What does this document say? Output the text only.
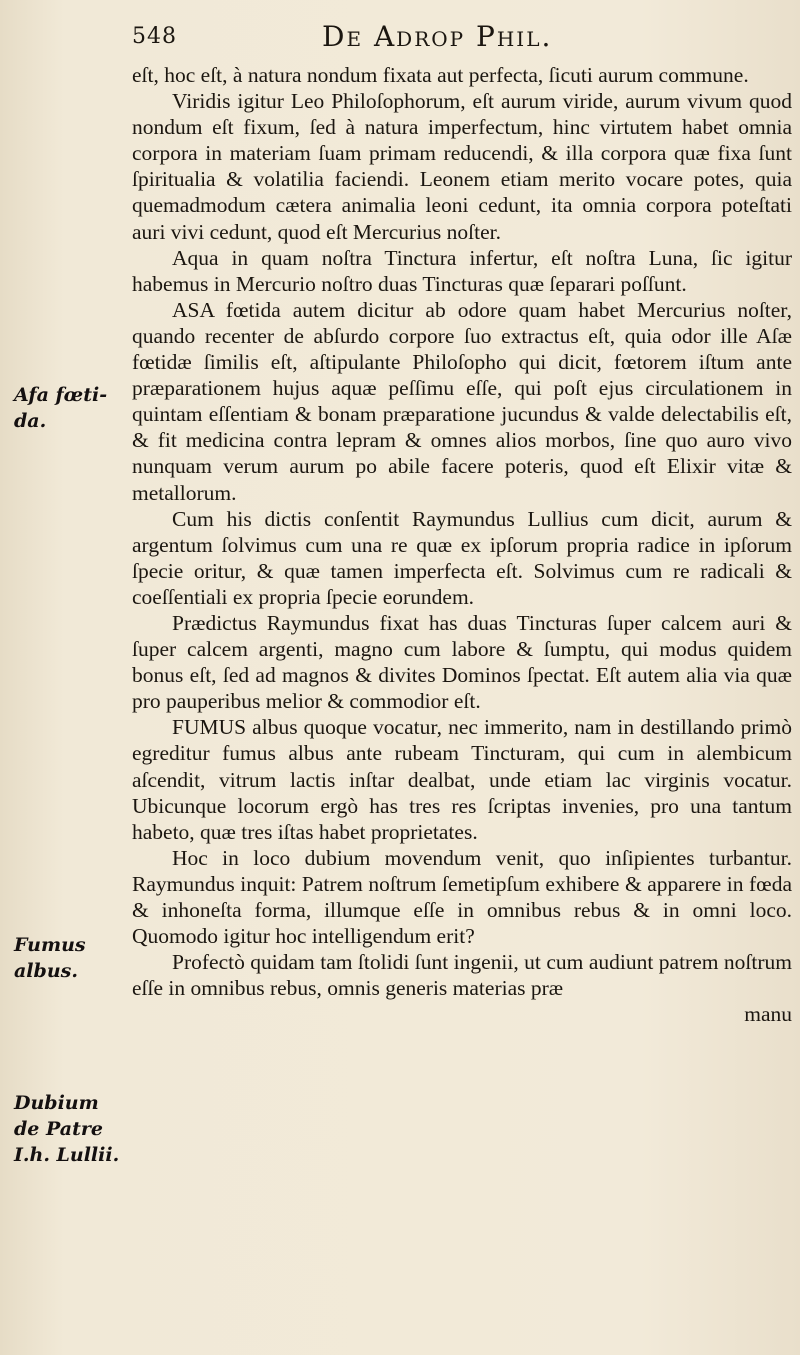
548	De Adrop Phil.
Afa fœti-da.
Fumus albus.
Dubium de Patre I.h. Lullii.

eſt, hoc eſt, à natura nondum fixata aut perfecta, ſicuti aurum commune.

Viridis igitur Leo Philoſophorum, eſt aurum viride, aurum vivum quod nondum eſt fixum, ſed à natura imperfectum, hinc virtutem habet omnia corpora in materiam ſuam primam reducendi, & illa corpora quæ fixa ſunt ſpiritualia & volatilia faciendi. Leonem etiam merito vocare potes, quia quemadmodum cætera animalia leoni cedunt, ita omnia corpora poteſtati auri vivi cedunt, quod eſt Mercurius noſter.

Aqua in quam noſtra Tinctura infertur, eſt noſtra Luna, ſic igitur habemus in Mercurio noſtro duas Tincturas quæ ſeparari poſſunt.

ASA fœtida autem dicitur ab odore quam habet Mercurius noſter, quando recenter de abſurdo corpore ſuo extractus eſt, quia odor ille Aſæ fœtidæ ſimilis eſt, aſtipulante Philoſopho qui dicit, fœtorem iſtum ante præparationem hujus aquæ peſſimu eſſe, qui poſt ejus circulationem in quintam eſſentiam & bonam præparatione jucundus & valde delectabilis eſt, & fit medicina contra lepram & omnes alios morbos, ſine quo auro vivo nunquam verum aurum po abile facere poteris, quod eſt Elixir vitæ & metallorum.

Cum his dictis conſentit Raymundus Lullius cum dicit, aurum & argentum ſolvimus cum una re quæ ex ipſorum propria radice in ipſorum ſpecie oritur, & quæ tamen imperfecta eſt. Solvimus cum re radicali & coeſſentiali ex propria ſpecie eorundem.

Prædictus Raymundus fixat has duas Tincturas ſuper calcem auri & ſuper calcem argenti, magno cum labore & ſumptu, qui modus quidem bonus eſt, ſed ad magnos & divites Dominos ſpectat. Eſt autem alia via quæ pro pauperibus melior & commodior eſt.

FUMUS albus quoque vocatur, nec immerito, nam in destillando primò egreditur fumus albus ante rubeam Tincturam, qui cum in alembicum aſcendit, vitrum lactis inſtar dealbat, unde etiam lac virginis vocatur. Ubicunque locorum ergò has tres res ſcriptas invenies, pro una tantum habeto, quæ tres iſtas habet proprietates.

Hoc in loco dubium movendum venit, quo inſipientes turbantur. Raymundus inquit: Patrem noſtrum ſemetipſum exhibere & apparere in fœda & inhoneſta forma, illumque eſſe in omnibus rebus & in omni loco. Quomodo igitur hoc intelligendum erit?

Profectò quidam tam ſtolidi ſunt ingenii, ut cum audiunt patrem noſtrum eſſe in omnibus rebus, omnis generis materias præ

manu
